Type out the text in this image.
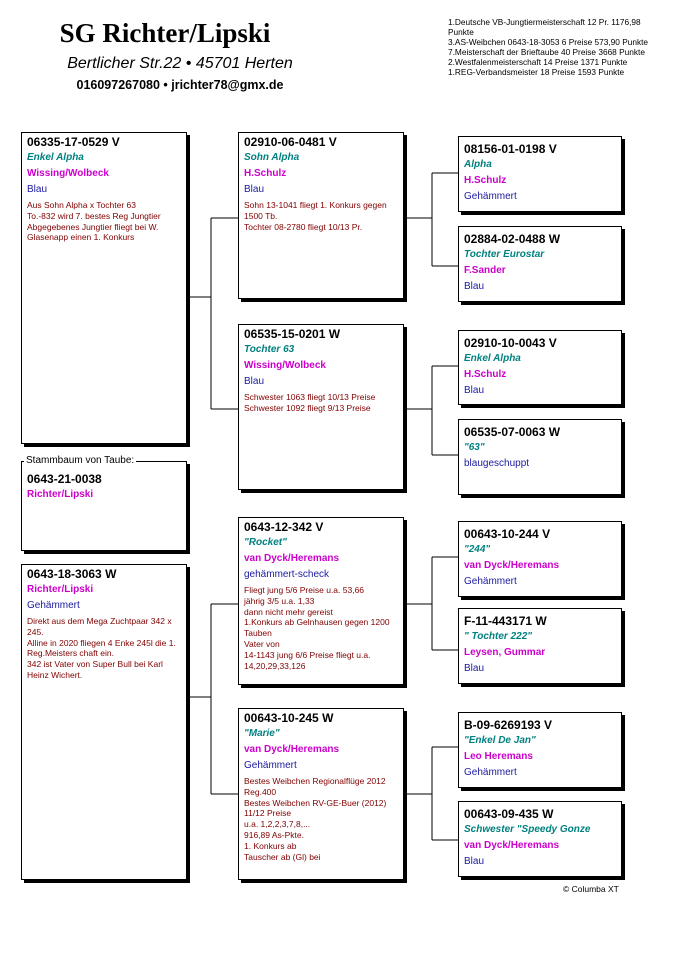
SG Richter/Lipski
Bertlicher Str.22 • 45701 Herten
016097267080 • jrichter78@gmx.de
1.Deutsche VB-Jungtiermeisterschaft 12 Pr. 1176,98 Punkte
3.AS-Weibchen 0643-18-3053 6 Preise 573,90 Punkte
7.Meisterschaft der Brieftaube 40 Preise 3668 Punkte
2.Westfalenmeisterschaft 14 Preise 1371 Punkte
1.REG-Verbandsmeister 18 Preise 1593 Punkte
06335-17-0529 V
Enkel Alpha
Wissing/Wolbeck
Blau
Aus Sohn Alpha x Tochter 63
To.-832 wird 7. bestes Reg Jungtier
Abgegebenes Jungtier fliegt bei W. Glasenapp einen 1. Konkurs
0643-21-0038
Richter/Lipski
Stammbaum von Taube:
0643-18-3063 W
Richter/Lipski
Gehämmert
Direkt aus dem Mega Zuchtpaar 342 x 245.
Alline in 2020 fliegen 4 Enke 245l die 1. Reg.Meisters chaft ein.
342 ist Vater von Super Bull bei Karl Heinz Wichert.
02910-06-0481 V
Sohn Alpha
H.Schulz
Blau
Sohn 13-1041 fliegt 1. Konkurs gegen 1500 Tb.
Tochter 08-2780 fliegt 10/13 Pr.
06535-15-0201 W
Tochter 63
Wissing/Wolbeck
Blau
Schwester 1063 fliegt 10/13 Preise
Schwester 1092 fliegt 9/13 Preise
0643-12-342 V
"Rocket"
van Dyck/Heremans
gehämmert-scheck
Fliegt jung 5/6 Preise u.a. 53,66
jährig 3/5 u.a. 1,33
dann nicht mehr gereist
1.Konkurs ab Gelnhausen gegen 1200 Tauben
Vater von
14-1143 jung 6/6 Preise fliegt u.a. 14,20,29,33,126
00643-10-245 W
"Marie"
van Dyck/Heremans
Gehämmert
Bestes Weibchen Regionalflüge 2012 Reg.400
Bestes Weibchen RV-GE-Buer (2012)
11/12 Preise
u.a. 1,2,2,3,7,8,...
916,89 As-Pkte.
1. Konkurs ab
Tauscher ab (Gl) bei
08156-01-0198 V
Alpha
H.Schulz
Gehämmert
02884-02-0488 W
Tochter Eurostar
F.Sander
Blau
02910-10-0043 V
Enkel Alpha
H.Schulz
Blau
06535-07-0063 W
"63"
blaugeschuppt
00643-10-244 V
"244"
van Dyck/Heremans
Gehämmert
F-11-443171 W
" Tochter 222"
Leysen, Gummar
Blau
B-09-6269193 V
"Enkel De Jan"
Leo Heremans
Gehämmert
00643-09-435 W
Schwester "Speedy Gonze
van Dyck/Heremans
Blau
© Columba XT
